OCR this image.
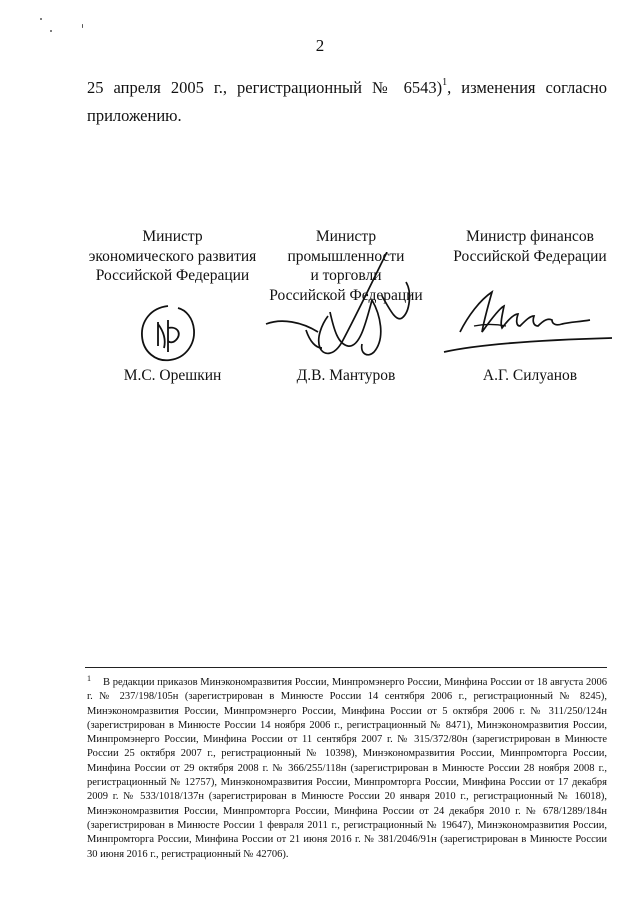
2
25 апреля 2005 г., регистрационный № 6543)$^1$, изменения согласно
приложению.
Министр
экономического развития
Российской Федерации
Министр
промышленности
и торговли
Российской Федерации
Министр финансов
Российской Федерации
М.С. Орешкин	Д.В. Мантуров	А.Г. Силуанов
$^1$ В редакции приказов Минэкономразвития России, Минпромэнерго России, Минфина России от 18 августа 2006 г. № 237/198/105н (зарегистрирован в Минюсте России 14 сентября 2006 г., регистрационный № 8245), Минэкономразвития России, Минпромэнерго России, Минфина России от 5 октября 2006 г. № 311/250/124н (зарегистрирован в Минюсте России 14 ноября 2006 г., регистрационный № 8471), Минэкономразвития России, Минпромэнерго России, Минфина России от 11 сентября 2007 г. № 315/372/80н (зарегистрирован в Минюсте России 25 октября 2007 г., регистрационный № 10398), Минэкономразвития России, Минпромторга России, Минфина России от 29 октября 2008 г. № 366/255/118н (зарегистрирован в Минюсте России 28 ноября 2008 г., регистрационный № 12757), Минэкономразвития России, Минпромторга России, Минфина России от 17 декабря 2009 г. № 533/1018/137н (зарегистрирован в Минюсте России 20 января 2010 г., регистрационный № 16018), Минэкономразвития России, Минпромторга России, Минфина России от 24 декабря 2010 г. № 678/1289/184н (зарегистрирован в Минюсте России 1 февраля 2011 г., регистрационный № 19647), Минэкономразвития России, Минпромторга России, Минфина России от 21 июня 2016 г. № 381/2046/91н (зарегистрирован в Минюсте России 30 июня 2016 г., регистрационный № 42706).
